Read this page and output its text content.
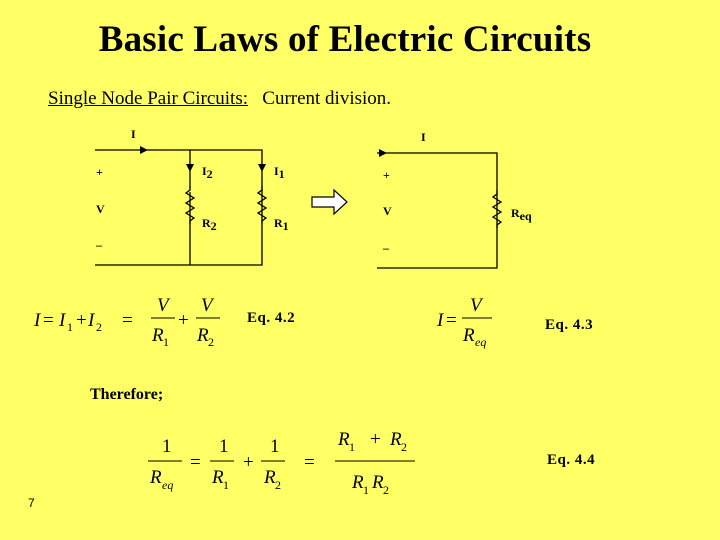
Basic Laws of Electric Circuits
Single Node Pair Circuits: Current division.
I
+
V
–
I2	I1
R2	R1
I
+
V
–
Req
I = I 1 + I 2 =
V
R 1
+
V
R 2
I =
V
R eq
1
R eq
=
1
R 1
+
1
R 2
=
R 1 + R 2
R 1 R 2
Eq. 4.2	Eq. 4.3
Therefore;
Eq. 4.4
7
